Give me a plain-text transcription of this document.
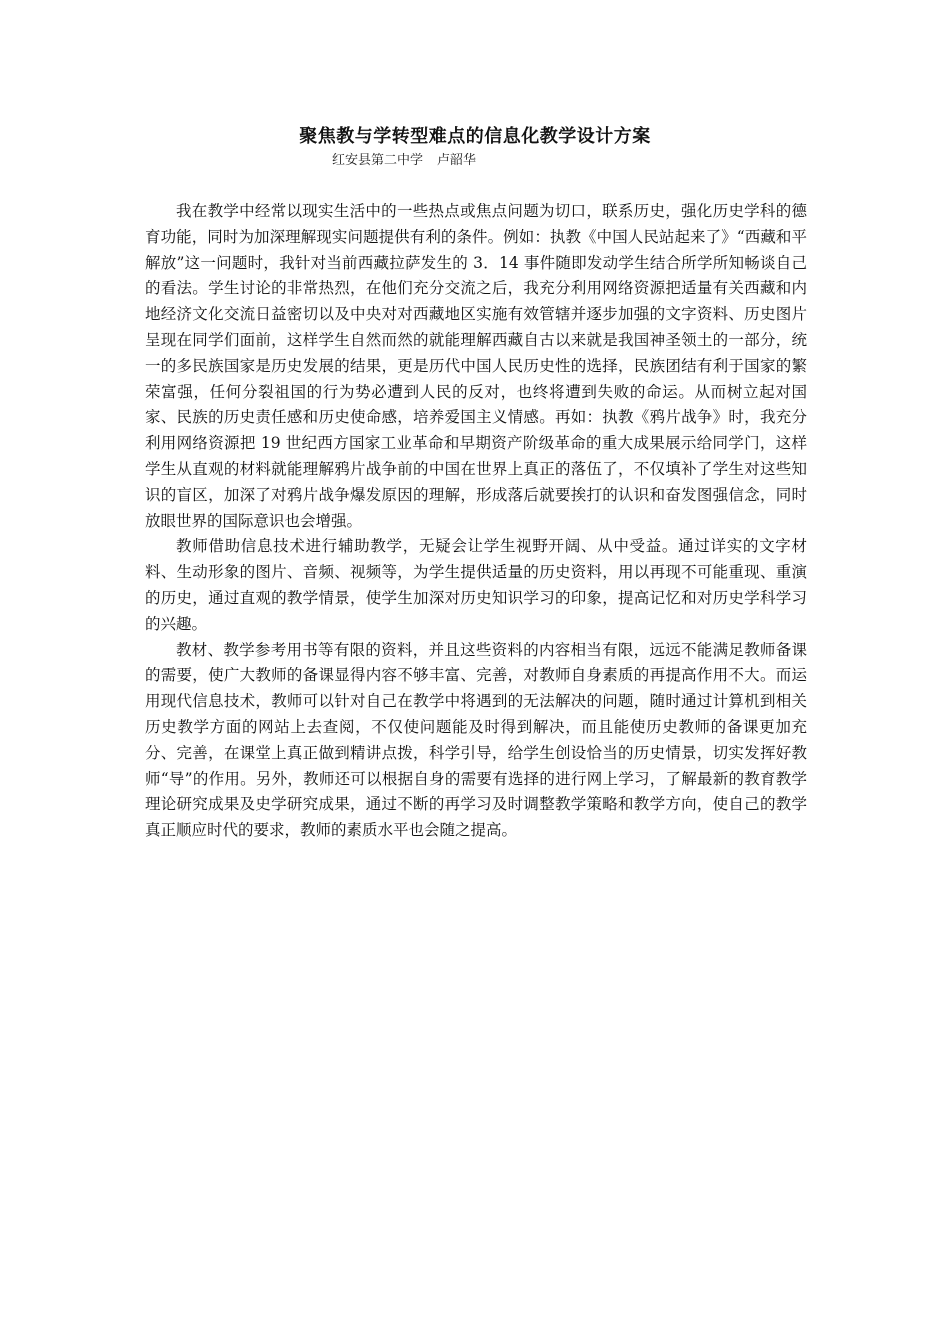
聚焦教与学转型难点的信息化教学设计方案
红安县第二中学 卢韶华

我在教学中经常以现实生活中的一些热点或焦点问题为切口，联系历史，强化历史学科的德育功能，同时为加深理解现实问题提供有利的条件。例如：执教《中国人民站起来了》“西藏和平解放”这一问题时，我针对当前西藏拉萨发生的 3．14 事件随即发动学生结合所学所知畅谈自己的看法。学生讨论的非常热烈，在他们充分交流之后，我充分利用网络资源把适量有关西藏和内地经济文化交流日益密切以及中央对对西藏地区实施有效管辖并逐步加强的文字资料、历史图片呈现在同学们面前，这样学生自然而然的就能理解西藏自古以来就是我国神圣领土的一部分，统一的多民族国家是历史发展的结果，更是历代中国人民历史性的选择，民族团结有利于国家的繁荣富强，任何分裂祖国的行为势必遭到人民的反对，也终将遭到失败的命运。从而树立起对国家、民族的历史责任感和历史使命感，培养爱国主义情感。再如：执教《鸦片战争》时，我充分利用网络资源把 19 世纪西方国家工业革命和早期资产阶级革命的重大成果展示给同学门，这样学生从直观的材料就能理解鸦片战争前的中国在世界上真正的落伍了，不仅填补了学生对这些知识的盲区，加深了对鸦片战争爆发原因的理解，形成落后就要挨打的认识和奋发图强信念，同时放眼世界的国际意识也会增强。

教师借助信息技术进行辅助教学，无疑会让学生视野开阔、从中受益。通过详实的文字材料、生动形象的图片、音频、视频等，为学生提供适量的历史资料，用以再现不可能重现、重演的历史，通过直观的教学情景，使学生加深对历史知识学习的印象，提高记忆和对历史学科学习的兴趣。

教材、教学参考用书等有限的资料，并且这些资料的内容相当有限，远远不能满足教师备课的需要，使广大教师的备课显得内容不够丰富、完善，对教师自身素质的再提高作用不大。而运用现代信息技术，教师可以针对自己在教学中将遇到的无法解决的问题，随时通过计算机到相关历史教学方面的网站上去查阅，不仅使问题能及时得到解决，而且能使历史教师的备课更加充分、完善，在课堂上真正做到精讲点拨，科学引导，给学生创设恰当的历史情景，切实发挥好教师“导”的作用。另外，教师还可以根据自身的需要有选择的进行网上学习，了解最新的教育教学理论研究成果及史学研究成果，通过不断的再学习及时调整教学策略和教学方向，使自己的教学真正顺应时代的要求，教师的素质水平也会随之提高。
